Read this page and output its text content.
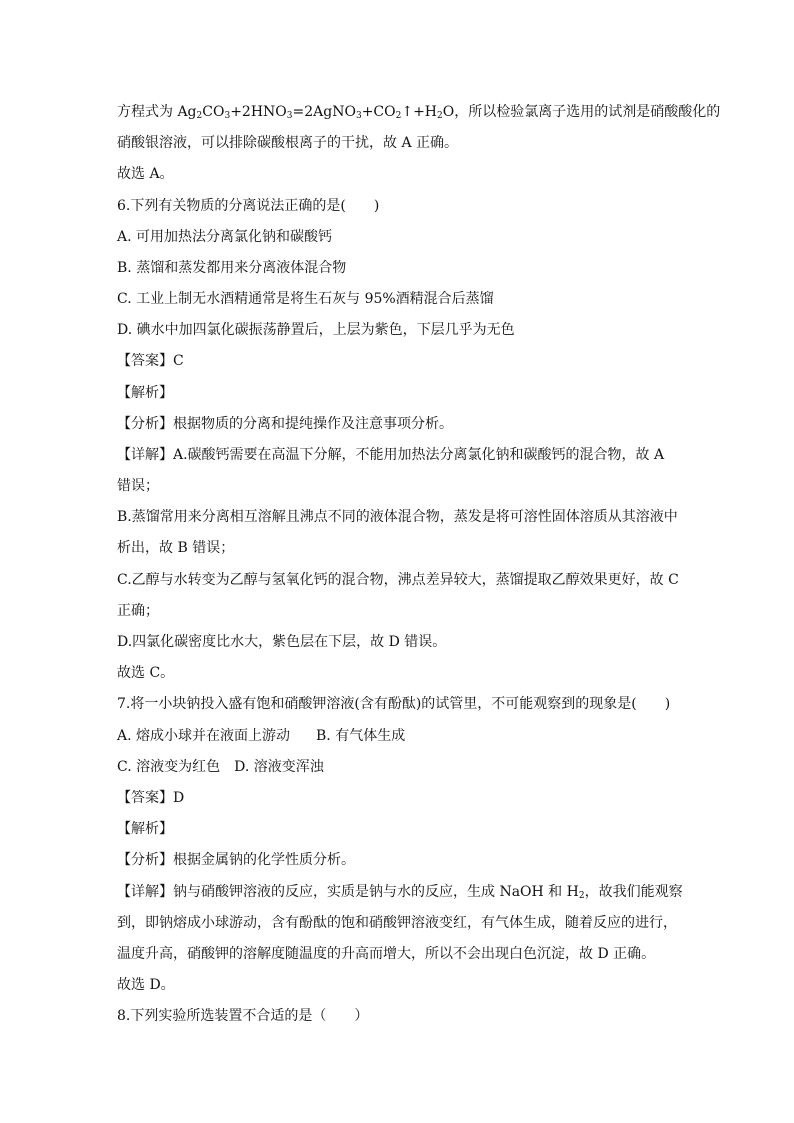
方程式为 $Ag_2CO_3+2HNO_3=2AgNO_3+CO_2↑+H_2O$，所以检验氯离子选用的试剂是硝酸酸化的
硝酸银溶液，可以排除碳酸根离子的干扰，故 A 正确。
故选 A。
6.下列有关物质的分离说法正确的是(　　)
A. 可用加热法分离氯化钠和碳酸钙
B. 蒸馏和蒸发都用来分离液体混合物
C. 工业上制无水酒精通常是将生石灰与 95%酒精混合后蒸馏
D. 碘水中加四氯化碳振荡静置后，上层为紫色，下层几乎为无色
【答案】C
【解析】
【分析】根据物质的分离和提纯操作及注意事项分析。
【详解】A.碳酸钙需要在高温下分解，不能用加热法分离氯化钠和碳酸钙的混合物，故 A
错误；
B.蒸馏常用来分离相互溶解且沸点不同的液体混合物，蒸发是将可溶性固体溶质从其溶液中
析出，故 B 错误；
C.乙醇与水转变为乙醇与氢氧化钙的混合物，沸点差异较大，蒸馏提取乙醇效果更好，故 C
正确；
D.四氯化碳密度比水大，紫色层在下层，故 D 错误。
故选 C。
7.将一小块钠投入盛有饱和硝酸钾溶液(含有酚酞)的试管里，不可能观察到的现象是(　　)
A. 熔成小球并在液面上游动 B. 有气体生成
C. 溶液变为红色 D. 溶液变浑浊
【答案】D
【解析】
【分析】根据金属钠的化学性质分析。
【详解】钠与硝酸钾溶液的反应，实质是钠与水的反应，生成 NaOH 和 $H_2$，故我们能观察
到，即钠熔成小球游动，含有酚酞的饱和硝酸钾溶液变红，有气体生成，随着反应的进行，
温度升高，硝酸钾的溶解度随温度的升高而增大，所以不会出现白色沉淀，故 D 正确。
故选 D。
8.下列实验所选装置不合适的是（　　）
